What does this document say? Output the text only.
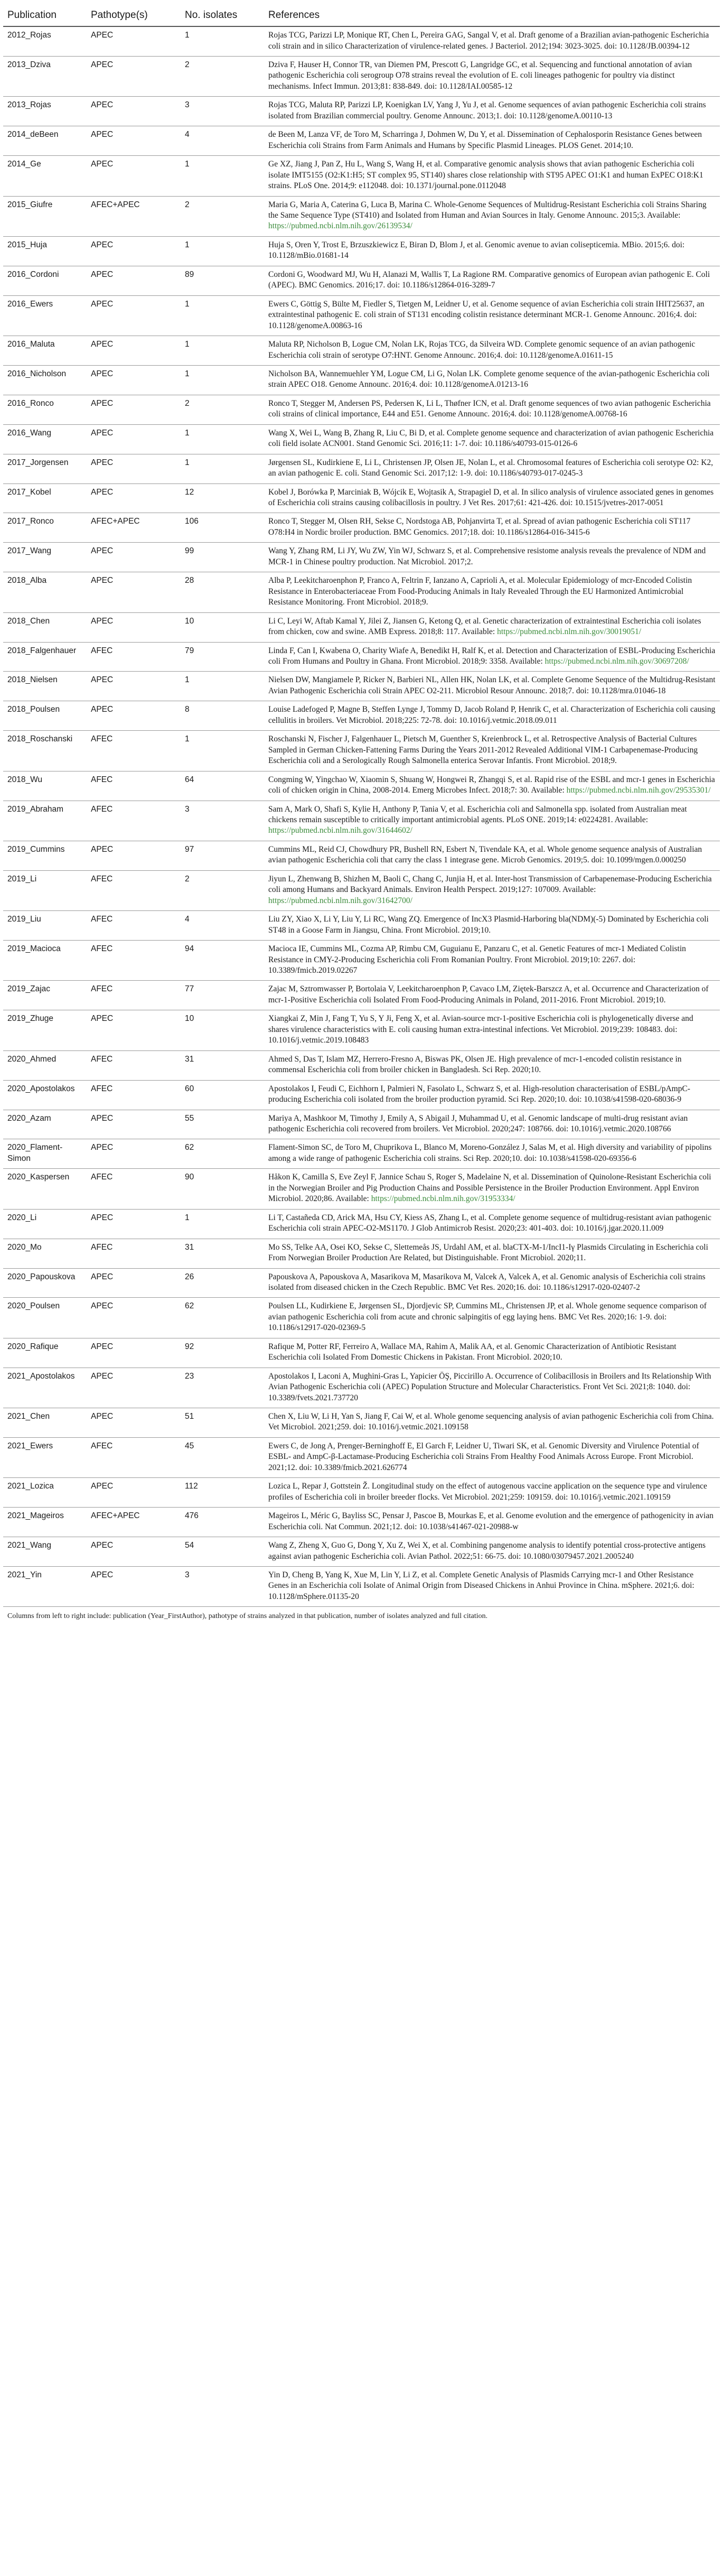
Publication	Pathotype(s)	No. isolates	References
2012_Rojas	APEC	1	Rojas TCG, Parizzi LP, Monique RT, Chen L, Pereira GAG, Sangal V, et al. Draft genome of a Brazilian avian-pathogenic Escherichia coli strain and in silico Characterization of virulence-related genes. J Bacteriol. 2012;194: 3023-3025. doi: 10.1128/JB.00394-12
2013_Dziva	APEC	2	Dziva F, Hauser H, Connor TR, van Diemen PM, Prescott G, Langridge GC, et al. Sequencing and functional annotation of avian pathogenic Escherichia coli serogroup O78 strains reveal the evolution of E. coli lineages pathogenic for poultry via distinct mechanisms. Infect Immun. 2013;81: 838-849. doi: 10.1128/IAI.00585-12
2013_Rojas	APEC	3	Rojas TCG, Maluta RP, Parizzi LP, Koenigkan LV, Yang J, Yu J, et al. Genome sequences of avian pathogenic Escherichia coli strains isolated from Brazilian commercial poultry. Genome Announc. 2013;1. doi: 10.1128/genomeA.00110-13
2014_deBeen	APEC	4	de Been M, Lanza VF, de Toro M, Scharringa J, Dohmen W, Du Y, et al. Dissemination of Cephalosporin Resistance Genes between Escherichia coli Strains from Farm Animals and Humans by Specific Plasmid Lineages. PLOS Genet. 2014;10.
2014_Ge	APEC	1	Ge XZ, Jiang J, Pan Z, Hu L, Wang S, Wang H, et al. Comparative genomic analysis shows that avian pathogenic Escherichia coli isolate IMT5155 (O2:K1:H5; ST complex 95, ST140) shares close relationship with ST95 APEC O1:K1 and human ExPEC O18:K1 strains. PLoS One. 2014;9: e112048. doi: 10.1371/journal.pone.0112048
2015_Giufre	AFEC+APEC	2	Maria G, Maria A, Caterina G, Luca B, Marina C. Whole-Genome Sequences of Multidrug-Resistant Escherichia coli Strains Sharing the Same Sequence Type (ST410) and Isolated from Human and Avian Sources in Italy. Genome Announc. 2015;3. Available: https://pubmed.ncbi.nlm.nih.gov/26139534/
2015_Huja	APEC	1	Huja S, Oren Y, Trost E, Brzuszkiewicz E, Biran D, Blom J, et al. Genomic avenue to avian colisepticemia. MBio. 2015;6. doi: 10.1128/mBio.01681-14
2016_Cordoni	APEC	89	Cordoni G, Woodward MJ, Wu H, Alanazi M, Wallis T, La Ragione RM. Comparative genomics of European avian pathogenic E. Coli (APEC). BMC Genomics. 2016;17. doi: 10.1186/s12864-016-3289-7
2016_Ewers	APEC	1	Ewers C, Göttig S, Bülte M, Fiedler S, Tietgen M, Leidner U, et al. Genome sequence of avian Escherichia coli strain IHIT25637, an extraintestinal pathogenic E. coli strain of ST131 encoding colistin resistance determinant MCR-1. Genome Announc. 2016;4. doi: 10.1128/genomeA.00863-16
2016_Maluta	APEC	1	Maluta RP, Nicholson B, Logue CM, Nolan LK, Rojas TCG, da Silveira WD. Complete genomic sequence of an avian pathogenic Escherichia coli strain of serotype O7:HNT. Genome Announc. 2016;4. doi: 10.1128/genomeA.01611-15
2016_Nicholson	APEC	1	Nicholson BA, Wannemuehler YM, Logue CM, Li G, Nolan LK. Complete genome sequence of the avian-pathogenic Escherichia coli strain APEC O18. Genome Announc. 2016;4. doi: 10.1128/genomeA.01213-16
2016_Ronco	APEC	2	Ronco T, Stegger M, Andersen PS, Pedersen K, Li L, Thøfner ICN, et al. Draft genome sequences of two avian pathogenic Escherichia coli strains of clinical importance, E44 and E51. Genome Announc. 2016;4. doi: 10.1128/genomeA.00768-16
2016_Wang	APEC	1	Wang X, Wei L, Wang B, Zhang R, Liu C, Bi D, et al. Complete genome sequence and characterization of avian pathogenic Escherichia coli field isolate ACN001. Stand Genomic Sci. 2016;11: 1-7. doi: 10.1186/s40793-015-0126-6
2017_Jorgensen	APEC	1	Jørgensen SL, Kudirkiene E, Li L, Christensen JP, Olsen JE, Nolan L, et al. Chromosomal features of Escherichia coli serotype O2: K2, an avian pathogenic E. coli. Stand Genomic Sci. 2017;12: 1-9. doi: 10.1186/s40793-017-0245-3
2017_Kobel	APEC	12	Kobel J, Borówka P, Marciniak B, Wójcik E, Wojtasik A, Strapagiel D, et al. In silico analysis of virulence associated genes in genomes of Escherichia coli strains causing colibacillosis in poultry. J Vet Res. 2017;61: 421-426. doi: 10.1515/jvetres-2017-0051
2017_Ronco	AFEC+APEC	106	Ronco T, Stegger M, Olsen RH, Sekse C, Nordstoga AB, Pohjanvirta T, et al. Spread of avian pathogenic Escherichia coli ST117 O78:H4 in Nordic broiler production. BMC Genomics. 2017;18. doi: 10.1186/s12864-016-3415-6
2017_Wang	APEC	99	Wang Y, Zhang RM, Li JY, Wu ZW, Yin WJ, Schwarz S, et al. Comprehensive resistome analysis reveals the prevalence of NDM and MCR-1 in Chinese poultry production. Nat Microbiol. 2017;2.
2018_Alba	APEC	28	Alba P, Leekitcharoenphon P, Franco A, Feltrin F, Ianzano A, Caprioli A, et al. Molecular Epidemiology of mcr-Encoded Colistin Resistance in Enterobacteriaceae From Food-Producing Animals in Italy Revealed Through the EU Harmonized Antimicrobial Resistance Monitoring. Front Microbiol. 2018;9.
2018_Chen	APEC	10	Li C, Leyi W, Aftab Kamal Y, Jilei Z, Jiansen G, Ketong Q, et al. Genetic characterization of extraintestinal Escherichia coli isolates from chicken, cow and swine. AMB Express. 2018;8: 117. Available: https://pubmed.ncbi.nlm.nih.gov/30019051/
2018_Falgenhauer	AFEC	79	Linda F, Can I, Kwabena O, Charity Wiafe A, Benedikt H, Ralf K, et al. Detection and Characterization of ESBL-Producing Escherichia coli From Humans and Poultry in Ghana. Front Microbiol. 2018;9: 3358. Available: https://pubmed.ncbi.nlm.nih.gov/30697208/
2018_Nielsen	APEC	1	Nielsen DW, Mangiamele P, Ricker N, Barbieri NL, Allen HK, Nolan LK, et al. Complete Genome Sequence of the Multidrug-Resistant Avian Pathogenic Escherichia coli Strain APEC O2-211. Microbiol Resour Announc. 2018;7. doi: 10.1128/mra.01046-18
2018_Poulsen	APEC	8	Louise Ladefoged P, Magne B, Steffen Lynge J, Tommy D, Jacob Roland P, Henrik C, et al. Characterization of Escherichia coli causing cellulitis in broilers. Vet Microbiol. 2018;225: 72-78. doi: 10.1016/j.vetmic.2018.09.011
2018_Roschanski	AFEC	1	Roschanski N, Fischer J, Falgenhauer L, Pietsch M, Guenther S, Kreienbrock L, et al. Retrospective Analysis of Bacterial Cultures Sampled in German Chicken-Fattening Farms During the Years 2011-2012 Revealed Additional VIM-1 Carbapenemase-Producing Escherichia coli and a Serologically Rough Salmonella enterica Serovar Infantis. Front Microbiol. 2018;9.
2018_Wu	AFEC	64	Congming W, Yingchao W, Xiaomin S, Shuang W, Hongwei R, Zhangqi S, et al. Rapid rise of the ESBL and mcr-1 genes in Escherichia coli of chicken origin in China, 2008-2014. Emerg Microbes Infect. 2018;7: 30. Available: https://pubmed.ncbi.nlm.nih.gov/29535301/
2019_Abraham	AFEC	3	Sam A, Mark O, Shafi S, Kylie H, Anthony P, Tania V, et al. Escherichia coli and Salmonella spp. isolated from Australian meat chickens remain susceptible to critically important antimicrobial agents. PLoS ONE. 2019;14: e0224281. Available: https://pubmed.ncbi.nlm.nih.gov/31644602/
2019_Cummins	APEC	97	Cummins ML, Reid CJ, Chowdhury PR, Bushell RN, Esbert N, Tivendale KA, et al. Whole genome sequence analysis of Australian avian pathogenic Escherichia coli that carry the class 1 integrase gene. Microb Genomics. 2019;5. doi: 10.1099/mgen.0.000250
2019_Li	AFEC	2	Jiyun L, Zhenwang B, Shizhen M, Baoli C, Chang C, Junjia H, et al. Inter-host Transmission of Carbapenemase-Producing Escherichia coli among Humans and Backyard Animals. Environ Health Perspect. 2019;127: 107009. Available: https://pubmed.ncbi.nlm.nih.gov/31642700/
2019_Liu	AFEC	4	Liu ZY, Xiao X, Li Y, Liu Y, Li RC, Wang ZQ. Emergence of IncX3 Plasmid-Harboring bla(NDM)(-5) Dominated by Escherichia coli ST48 in a Goose Farm in Jiangsu, China. Front Microbiol. 2019;10.
2019_Macioca	AFEC	94	Macioca IE, Cummins ML, Cozma AP, Rimbu CM, Guguianu E, Panzaru C, et al. Genetic Features of mcr-1 Mediated Colistin Resistance in CMY-2-Producing Escherichia coli From Romanian Poultry. Front Microbiol. 2019;10: 2267. doi: 10.3389/fmicb.2019.02267
2019_Zajac	AFEC	77	Zajac M, Sztromwasser P, Bortolaia V, Leekitcharoenphon P, Cavaco LM, Ziętek-Barszcz A, et al. Occurrence and Characterization of mcr-1-Positive Escherichia coli Isolated From Food-Producing Animals in Poland, 2011-2016. Front Microbiol. 2019;10.
2019_Zhuge	APEC	10	Xiangkai Z, Min J, Fang T, Yu S, Y Ji, Feng X, et al. Avian-source mcr-1-positive Escherichia coli is phylogenetically diverse and shares virulence characteristics with E. coli causing human extra-intestinal infections. Vet Microbiol. 2019;239: 108483. doi: 10.1016/j.vetmic.2019.108483
2020_Ahmed	AFEC	31	Ahmed S, Das T, Islam MZ, Herrero-Fresno A, Biswas PK, Olsen JE. High prevalence of mcr-1-encoded colistin resistance in commensal Escherichia coli from broiler chicken in Bangladesh. Sci Rep. 2020;10.
2020_Apostolakos	AFEC	60	Apostolakos I, Feudi C, Eichhorn I, Palmieri N, Fasolato L, Schwarz S, et al. High-resolution characterisation of ESBL/pAmpC-producing Escherichia coli isolated from the broiler production pyramid. Sci Rep. 2020;10. doi: 10.1038/s41598-020-68036-9
2020_Azam	APEC	55	Mariya A, Mashkoor M, Timothy J, Emily A, S Abigail J, Muhammad U, et al. Genomic landscape of multi-drug resistant avian pathogenic Escherichia coli recovered from broilers. Vet Microbiol. 2020;247: 108766. doi: 10.1016/j.vetmic.2020.108766
2020_Flament-Simon	APEC	62	Flament-Simon SC, de Toro M, Chuprikova L, Blanco M, Moreno-González J, Salas M, et al. High diversity and variability of pipolins among a wide range of pathogenic Escherichia coli strains. Sci Rep. 2020;10. doi: 10.1038/s41598-020-69356-6
2020_Kaspersen	AFEC	90	Håkon K, Camilla S, Eve Zeyl F, Jannice Schau S, Roger S, Madelaine N, et al. Dissemination of Quinolone-Resistant Escherichia coli in the Norwegian Broiler and Pig Production Chains and Possible Persistence in the Broiler Production Environment. Appl Environ Microbiol. 2020;86. Available: https://pubmed.ncbi.nlm.nih.gov/31953334/
2020_Li	APEC	1	Li T, Castañeda CD, Arick MA, Hsu CY, Kiess AS, Zhang L, et al. Complete genome sequence of multidrug-resistant avian pathogenic Escherichia coli strain APEC-O2-MS1170. J Glob Antimicrob Resist. 2020;23: 401-403. doi: 10.1016/j.jgar.2020.11.009
2020_Mo	AFEC	31	Mo SS, Telke AA, Osei KO, Sekse C, Slettemeås JS, Urdahl AM, et al. blaCTX-M-1/IncI1-Iγ Plasmids Circulating in Escherichia coli From Norwegian Broiler Production Are Related, but Distinguishable. Front Microbiol. 2020;11.
2020_Papouskova	APEC	26	Papouskova A, Papouskova A, Masarikova M, Masarikova M, Valcek A, Valcek A, et al. Genomic analysis of Escherichia coli strains isolated from diseased chicken in the Czech Republic. BMC Vet Res. 2020;16. doi: 10.1186/s12917-020-02407-2
2020_Poulsen	APEC	62	Poulsen LL, Kudirkiene E, Jørgensen SL, Djordjevic SP, Cummins ML, Christensen JP, et al. Whole genome sequence comparison of avian pathogenic Escherichia coli from acute and chronic salpingitis of egg laying hens. BMC Vet Res. 2020;16: 1-9. doi: 10.1186/s12917-020-02369-5
2020_Rafique	APEC	92	Rafique M, Potter RF, Ferreiro A, Wallace MA, Rahim A, Malik AA, et al. Genomic Characterization of Antibiotic Resistant Escherichia coli Isolated From Domestic Chickens in Pakistan. Front Microbiol. 2020;10.
2021_Apostolakos	APEC	23	Apostolakos I, Laconi A, Mughini-Gras L, Yapicier ÖŞ, Piccirillo A. Occurrence of Colibacillosis in Broilers and Its Relationship With Avian Pathogenic Escherichia coli (APEC) Population Structure and Molecular Characteristics. Front Vet Sci. 2021;8: 1040. doi: 10.3389/fvets.2021.737720
2021_Chen	APEC	51	Chen X, Liu W, Li H, Yan S, Jiang F, Cai W, et al. Whole genome sequencing analysis of avian pathogenic Escherichia coli from China. Vet Microbiol. 2021;259. doi: 10.1016/j.vetmic.2021.109158
2021_Ewers	AFEC	45	Ewers C, de Jong A, Prenger-Berninghoff E, El Garch F, Leidner U, Tiwari SK, et al. Genomic Diversity and Virulence Potential of ESBL- and AmpC-β-Lactamase-Producing Escherichia coli Strains From Healthy Food Animals Across Europe. Front Microbiol. 2021;12. doi: 10.3389/fmicb.2021.626774
2021_Lozica	APEC	112	Lozica L, Repar J, Gottstein Ž. Longitudinal study on the effect of autogenous vaccine application on the sequence type and virulence profiles of Escherichia coli in broiler breeder flocks. Vet Microbiol. 2021;259: 109159. doi: 10.1016/j.vetmic.2021.109159
2021_Mageiros	AFEC+APEC	476	Mageiros L, Méric G, Bayliss SC, Pensar J, Pascoe B, Mourkas E, et al. Genome evolution and the emergence of pathogenicity in avian Escherichia coli. Nat Commun. 2021;12. doi: 10.1038/s41467-021-20988-w
2021_Wang	APEC	54	Wang Z, Zheng X, Guo G, Dong Y, Xu Z, Wei X, et al. Combining pangenome analysis to identify potential cross-protective antigens against avian pathogenic Escherichia coli. Avian Pathol. 2022;51: 66-75. doi: 10.1080/03079457.2021.2005240
2021_Yin	APEC	3	Yin D, Cheng B, Yang K, Xue M, Lin Y, Li Z, et al. Complete Genetic Analysis of Plasmids Carrying mcr-1 and Other Resistance Genes in an Escherichia coli Isolate of Animal Origin from Diseased Chickens in Anhui Province in China. mSphere. 2021;6. doi: 10.1128/mSphere.01135-20
Columns from left to right include: publication (Year_FirstAuthor), pathotype of strains analyzed in that publication, number of isolates analyzed and full citation.
